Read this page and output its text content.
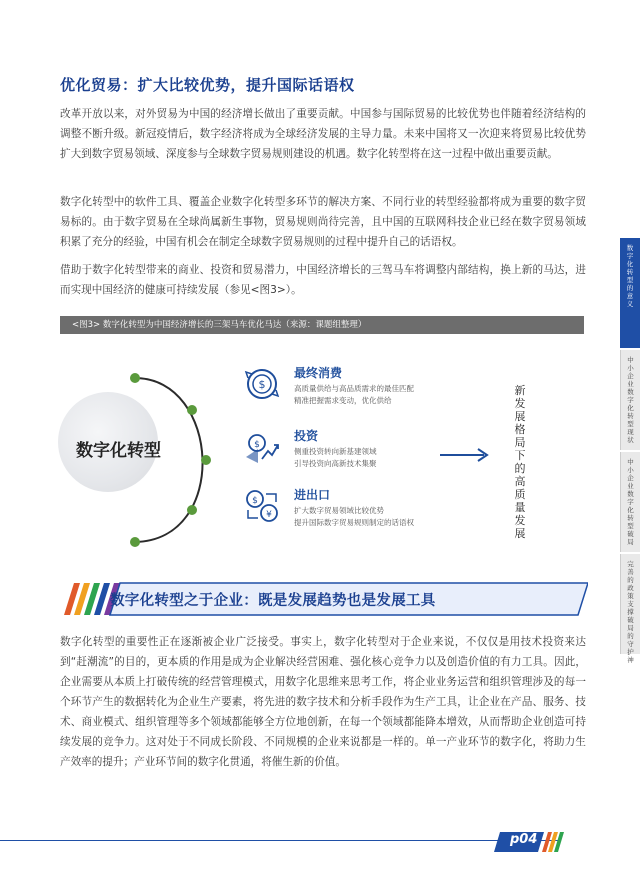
优化贸易：扩大比较优势，提升国际话语权
改革开放以来，对外贸易为中国的经济增长做出了重要贡献。中国参与国际贸易的比较优势也伴随着经济结构的调整不断升级。新冠疫情后，数字经济将成为全球经济发展的主导力量。未来中国将又一次迎来将贸易比较优势扩大到数字贸易领域、深度参与全球数字贸易规则建设的机遇。数字化转型将在这一过程中做出重要贡献。
数字化转型中的软件工具、覆盖企业数字化转型多环节的解决方案、不同行业的转型经验都将成为重要的数字贸易标的。由于数字贸易在全球尚属新生事物，贸易规则尚待完善，且中国的互联网科技企业已经在数字贸易领域积累了充分的经验，中国有机会在制定全球数字贸易规则的过程中提升自己的话语权。
借助于数字化转型带来的商业、投资和贸易潜力，中国经济增长的三驾马车将调整内部结构，换上新的马达，进而实现中国经济的健康可持续发展（参见<图3>）。
<图3> 数字化转型为中国经济增长的三架马车优化马达（来源：课题组整理）
数字化转型
$
最终消费
高质量供给与高品质需求的最佳匹配
精准把握需求变动，优化供给
$
投资
侧重投资转向新基建领域
引导投资向高新技术集聚
$
¥
进出口
扩大数字贸易领域比较优势
提升国际数字贸易规则制定的话语权
新发展格局下的高质量发展
数字化转型之于企业：既是发展趋势也是发展工具
数字化转型的重要性正在逐渐被企业广泛接受。事实上，数字化转型对于企业来说，不仅仅是用技术投资来达到“赶潮流”的目的，更本质的作用是成为企业解决经营困难、强化核心竞争力以及创造价值的有力工具。因此，企业需要从本质上打破传统的经营管理模式，用数字化思维来思考工作，将企业业务运营和组织管理涉及的每一个环节产生的数据转化为企业生产要素，将先进的数字技术和分析手段作为生产工具，让企业在产品、服务、技术、商业模式、组织管理等多个领域都能够全方位地创新，在每一个领域都能降本增效，从而帮助企业创造可持续发展的竞争力。这对处于不同成长阶段、不同规模的企业来说都是一样的。单一产业环节的数字化，将助力生产效率的提升；产业环节间的数字化贯通，将催生新的价值。
数字化转型的意义
中小企业数字化转型现状
中小企业数字化转型破局
完善的政策支撑 破局的守护神
p04
